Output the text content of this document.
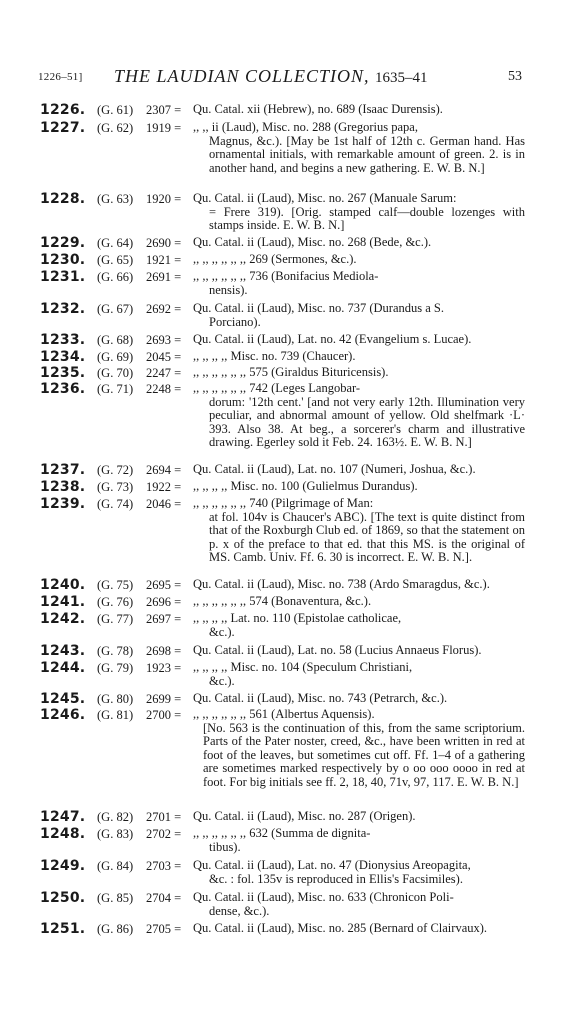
1226–51] THE LAUDIAN COLLECTION, 1635–41	53
1226. (G. 61) 2307 = Qu. Catal. xii (Hebrew), no. 689 (Isaac Durensis).
1227. (G. 62) 1919 = ,, ,, ii (Laud), Misc. no. 288 (Gregorius papa,
Magnus, &c.). [May be 1st half of 12th c. German hand. Has ornamental initials, with remarkable amount of green. 2. is in another hand, and begins a new gathering. E. W. B. N.]
1228. (G. 63) 1920 = Qu. Catal. ii (Laud), Misc. no. 267 (Manuale Sarum:
= Frere 319). [Orig. stamped calf—double lozenges with stamps inside. E. W. B. N.]
1229. (G. 64) 2690 = Qu. Catal. ii (Laud), Misc. no. 268 (Bede, &c.).
1230. (G. 65) 1921 = ,, ,, ,, ,, ,, ,, 269 (Sermones, &c.).
1231. (G. 66) 2691 = ,, ,, ,, ,, ,, ,, 736 (Bonifacius Mediola-
nensis).
1232. (G. 67) 2692 = Qu. Catal. ii (Laud), Misc. no. 737 (Durandus a S.
Porciano).
1233. (G. 68) 2693 = Qu. Catal. ii (Laud), Lat. no. 42 (Evangelium s. Lucae).
1234. (G. 69) 2045 = ,, ,, ,, ,, Misc. no. 739 (Chaucer).
1235. (G. 70) 2247 = ,, ,, ,, ,, ,, ,, 575 (Giraldus Bituricensis).
1236. (G. 71) 2248 = ,, ,, ,, ,, ,, ,, 742 (Leges Langobar-
dorum: '12th cent.' [and not very early 12th. Illumination very peculiar, and abnormal amount of yellow. Old shelfmark ·L· 393. Also 38. At beg., a sorcerer's charm and illustrative drawing. Egerley sold it Feb. 24. 163½. E. W. B. N.]
1237. (G. 72) 2694 = Qu. Catal. ii (Laud), Lat. no. 107 (Numeri, Joshua, &c.).
1238. (G. 73) 1922 = ,, ,, ,, ,, Misc. no. 100 (Gulielmus Durandus).
1239. (G. 74) 2046 = ,, ,, ,, ,, ,, ,, 740 (Pilgrimage of Man:
at fol. 104v is Chaucer's ABC). [The text is quite distinct from that of the Roxburgh Club ed. of 1869, so that the statement on p. x of the preface to that ed. that this MS. is the original of MS. Camb. Univ. Ff. 6. 30 is incorrect. E. W. B. N.].
1240. (G. 75) 2695 = Qu. Catal. ii (Laud), Misc. no. 738 (Ardo Smaragdus, &c.).
1241. (G. 76) 2696 = ,, ,, ,, ,, ,, ,, 574 (Bonaventura, &c.).
1242. (G. 77) 2697 = ,, ,, ,, ,, Lat. no. 110 (Epistolae catholicae,
&c.).
1243. (G. 78) 2698 = Qu. Catal. ii (Laud), Lat. no. 58 (Lucius Annaeus Florus).
1244. (G. 79) 1923 = ,, ,, ,, ,, Misc. no. 104 (Speculum Christiani,
&c.).
1245. (G. 80) 2699 = Qu. Catal. ii (Laud), Misc. no. 743 (Petrarch, &c.).
1246. (G. 81) 2700 = ,, ,, ,, ,, ,, ,, 561 (Albertus Aquensis).
[No. 563 is the continuation of this, from the same scriptorium. Parts of the Pater noster, creed, &c., have been written in red at foot of the leaves, but sometimes cut off. Ff. 1–4 of a gathering are sometimes marked respectively by o oo ooo oooo in red at foot. For big initials see ff. 2, 18, 40, 71v, 97, 117. E. W. B. N.]
1247. (G. 82) 2701 = Qu. Catal. ii (Laud), Misc. no. 287 (Origen).
1248. (G. 83) 2702 = ,, ,, ,, ,, ,, ,, 632 (Summa de dignita-
tibus).
1249. (G. 84) 2703 = Qu. Catal. ii (Laud), Lat. no. 47 (Dionysius Areopagita,
&c. : fol. 135v is reproduced in Ellis's Facsimiles).
1250. (G. 85) 2704 = Qu. Catal. ii (Laud), Misc. no. 633 (Chronicon Poli-
dense, &c.).
1251. (G. 86) 2705 = Qu. Catal. ii (Laud), Misc. no. 285 (Bernard of Clairvaux).
